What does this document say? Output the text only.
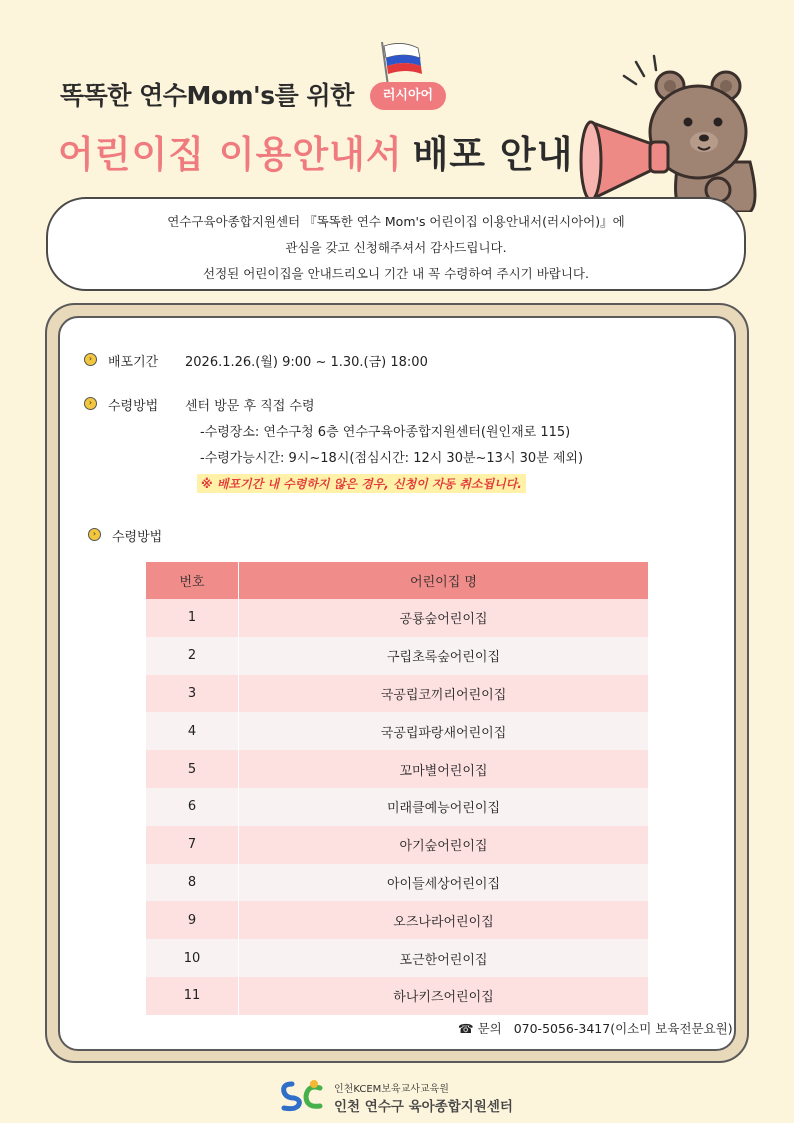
똑똑한 연수Mom's를 위한	러시아어
어린이집 이용안내서 배포 안내
연수구육아종합지원센터 『똑똑한 연수 Mom's 어린이집 이용안내서(러시아어)』에
관심을 갖고 신청해주셔서 감사드립니다.
선정된 어린이집을 안내드리오니 기간 내 꼭 수령하여 주시기 바랍니다.
›	배포기간 2026.1.26.(월) 9:00 ~ 1.30.(금) 18:00
›	수령방법 센터 방문 후 직접 수령
-수령장소: 연수구청 6층 연수구육아종합지원센터(원인재로 115)
-수령가능시간: 9시~18시(점심시간: 12시 30분~13시 30분 제외)
※ 배포기간 내 수령하지 않은 경우, 신청이 자동 취소됩니다.
›	수령방법
번호	어린이집 명
1	공룡숲어린이집
2	구립초록숲어린이집
3	국공립코끼리어린이집
4	국공립파랑새어린이집
5	꼬마별어린이집
6	미래클예능어린이집
7	아기숲어린이집
8	아이들세상어린이집
9	오즈나라어린이집
10	포근한어린이집
11	하나키즈어린이집
☎ 문의 070-5056-3417(이소미 보육전문요원)
인천KCEM보육교사교육원
인천 연수구 육아종합지원센터
